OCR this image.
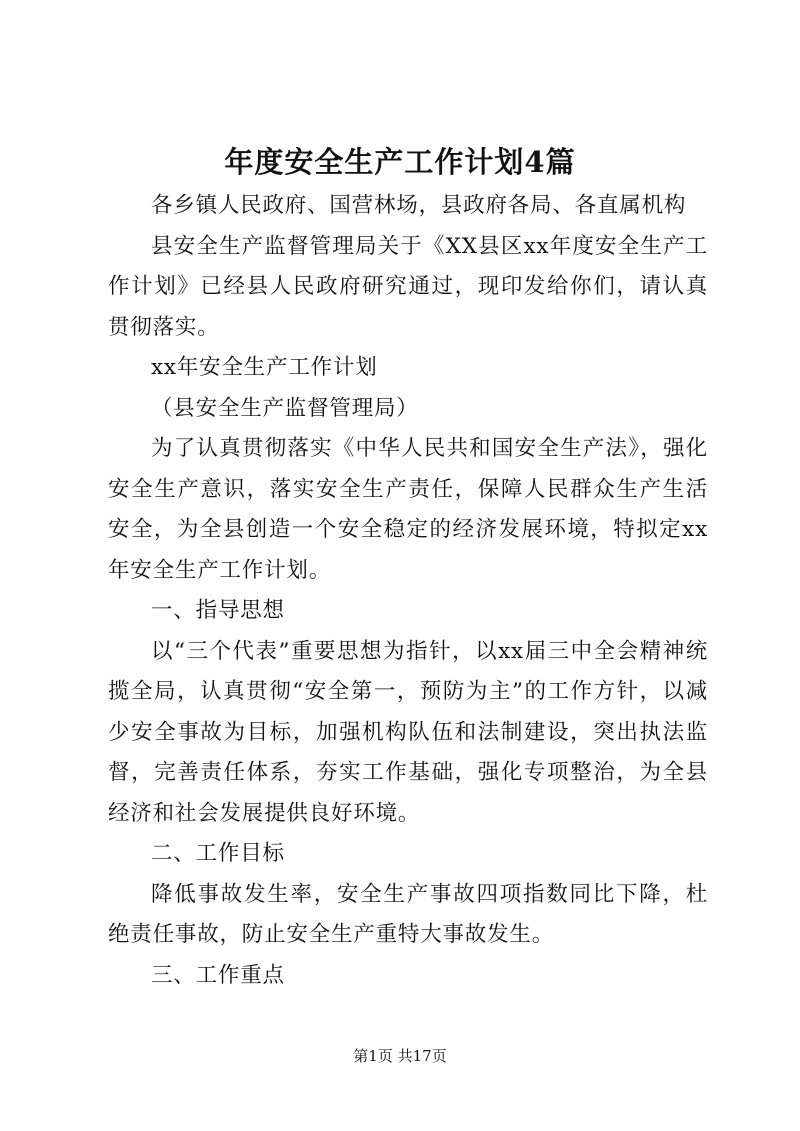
年度安全生产工作计划4篇

各乡镇人民政府、国营林场，县政府各局、各直属机构

县安全生产监督管理局关于《XX县区xx年度安全生产工作计划》已经县人民政府研究通过，现印发给你们，请认真贯彻落实。

xx年安全生产工作计划

（县安全生产监督管理局）

为了认真贯彻落实《中华人民共和国安全生产法》，强化安全生产意识，落实安全生产责任，保障人民群众生产生活安全，为全县创造一个安全稳定的经济发展环境，特拟定xx年安全生产工作计划。

一、指导思想

以“三个代表”重要思想为指针，以xx届三中全会精神统揽全局，认真贯彻“安全第一，预防为主”的工作方针，以减少安全事故为目标，加强机构队伍和法制建设，突出执法监督，完善责任体系，夯实工作基础，强化专项整治，为全县经济和社会发展提供良好环境。

二、工作目标

降低事故发生率，安全生产事故四项指数同比下降，杜绝责任事故，防止安全生产重特大事故发生。

三、工作重点

第1页 共17页
